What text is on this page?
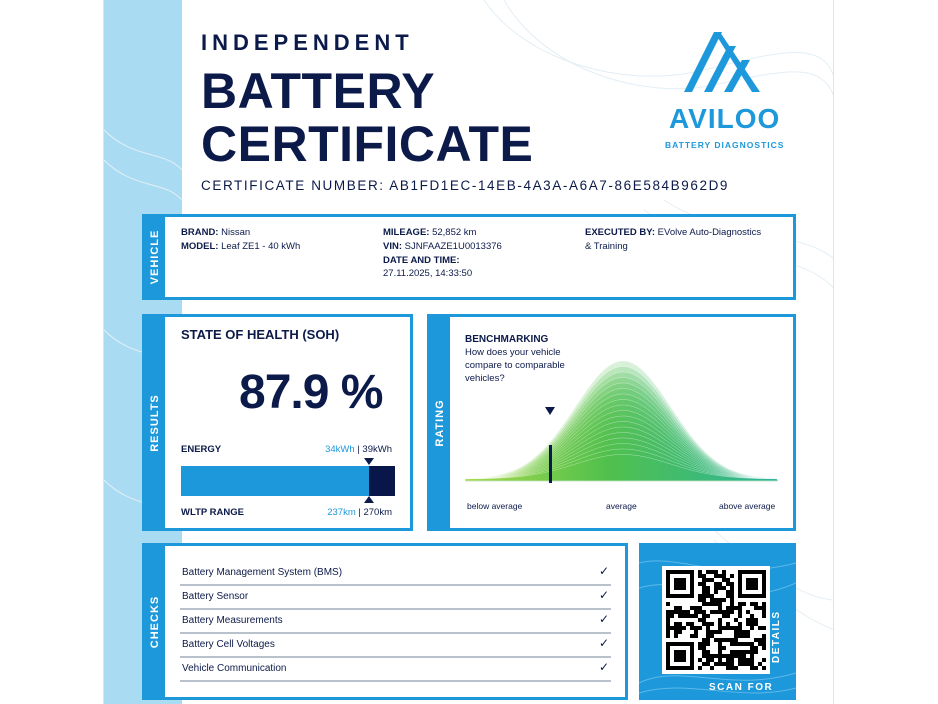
INDEPENDENT
BATTERY
CERTIFICATE
CERTIFICATE NUMBER: AB1FD1EC-14EB-4A3A-A6A7-86E584B962D9
AVILOO
BATTERY DIAGNOSTICS
VEHICLE BRAND: Nissan
MODEL: Leaf ZE1 - 40 kWh
MILEAGE: 52,852 km
VIN: SJNFAAZE1U0013376
DATE AND TIME:
27.11.2025, 14:33:50
EXECUTED BY: EVolve Auto-Diagnostics
& Training
RESULTS
STATE OF HEALTH (SOH)
87.9 %
ENERGY	34kWh | 39kWh
WLTP RANGE	237km | 270km
RATING
BENCHMARKING
How does your vehicle compare to comparable vehicles?
below average	average	above average
CHECKS
Battery Management System (BMS)	✓
Battery Sensor	✓
Battery Measurements	✓
Battery Cell Voltages	✓
Vehicle Communication	✓
SCAN FOR
DETAILS
